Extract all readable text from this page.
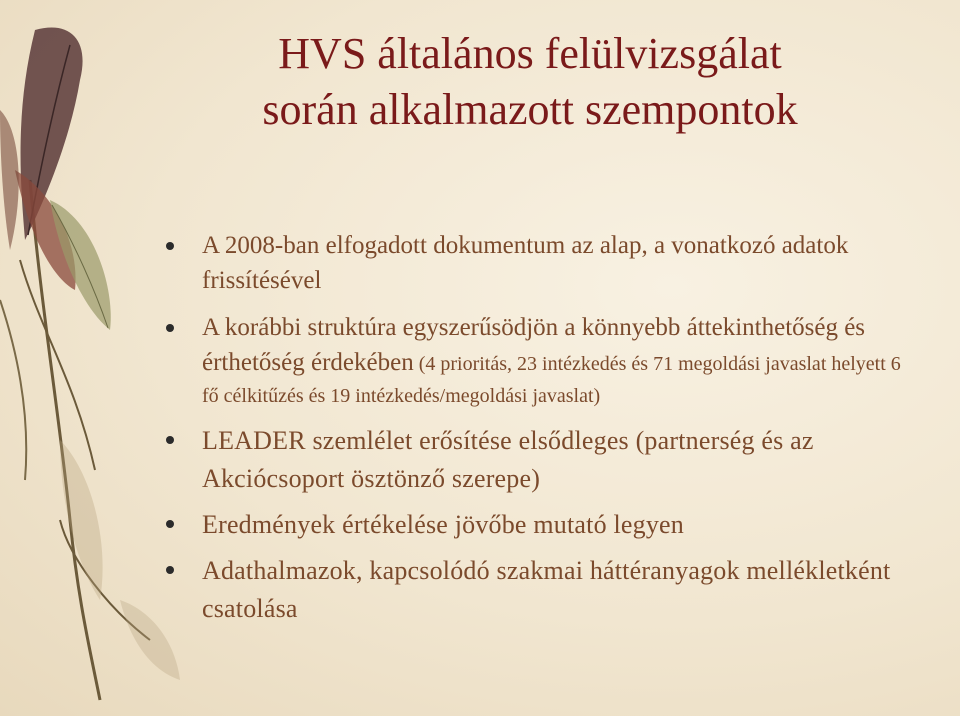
HVS általános felülvizsgálat
során alkalmazott szempontok
A 2008-ban elfogadott dokumentum az alap, a vonatkozó adatok frissítésével
A korábbi struktúra egyszerűsödjön a könnyebb áttekinthetőség és érthetőség érdekében (4 prioritás, 23 intézkedés és 71 megoldási javaslat helyett 6 fő célkitűzés és 19 intézkedés/megoldási javaslat)
LEADER szemlélet erősítése elsődleges (partnerség és az Akciócsoport ösztönző szerepe)
Eredmények értékelése jövőbe mutató legyen
Adathalmazok, kapcsolódó szakmai háttéranyagok mellékletként csatolása
